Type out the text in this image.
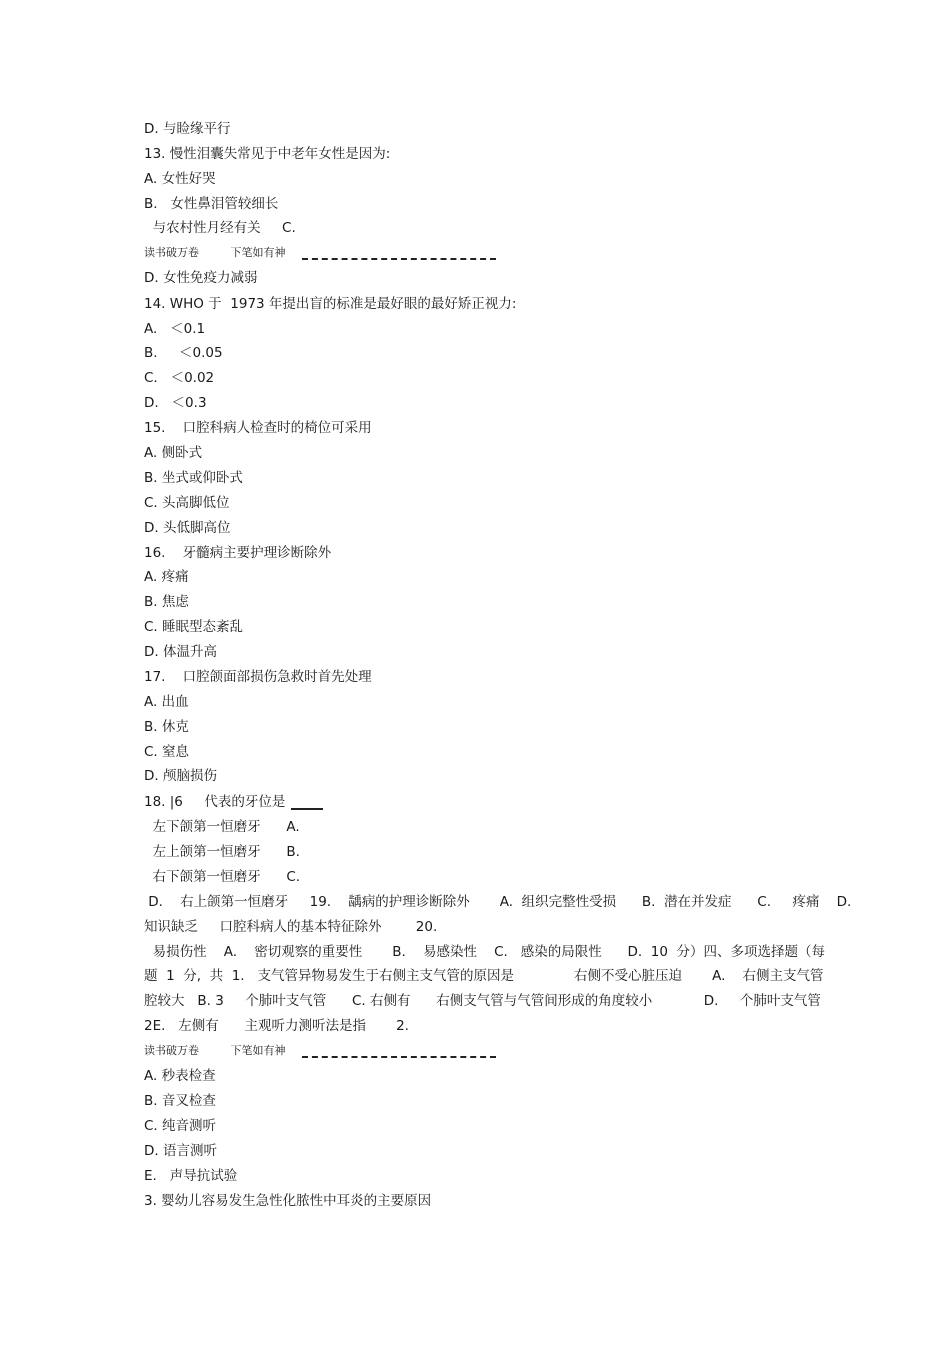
D. 与睑缘平行
13. 慢性泪囊失常见于中老年女性是因为:
A. 女性好哭
B.   女性鼻泪管较细长
与农村性月经有关     C.
读书破万卷         下笔如有神
D. 女性免疫力减弱
14. WHO 于  1973 年提出盲的标准是最好眼的最好矫正视力:
A.   ＜0.1
B.     ＜0.05
C.   ＜0.02
D.   ＜0.3
15.    口腔科病人检查时的椅位可采用
A. 侧卧式
B. 坐式或仰卧式
C. 头高脚低位
D. 头低脚高位
16.    牙髓病主要护理诊断除外
A. 疼痛
B. 焦虑
C. 睡眠型态紊乱
D. 体温升高
17.    口腔颌面部损伤急救时首先处理
A. 出血
B. 休克
C. 窒息
D. 颅脑损伤
18. |6     代表的牙位是
左下颌第一恒磨牙      A.
左上颌第一恒磨牙      B.
右下颌第一恒磨牙      C.
D.    右上颌第一恒磨牙     19.    龋病的护理诊断除外       A.  组织完整性受损      B.  潜在并发症      C.     疼痛    D.
知识缺乏     口腔科病人的基本特征除外        20.
易损伤性    A.    密切观察的重要性       B.    易感染性    C.   感染的局限性      D.  10  分）四、多项选择题（每
题  1  分,  共  1.   支气管异物易发生于右侧主支气管的原因是              右侧不受心脏压迫       A.    右侧主支气管
腔较大   B. 3     个肺叶支气管      C. 右侧有      右侧支气管与气管间形成的角度较小            D.     个肺叶支气管
2E.   左侧有      主观听力测听法是指       2.
读书破万卷         下笔如有神
A. 秒表检查
B. 音叉检查
C. 纯音测听
D. 语言测听
E.   声导抗试验
3. 婴幼儿容易发生急性化脓性中耳炎的主要原因
